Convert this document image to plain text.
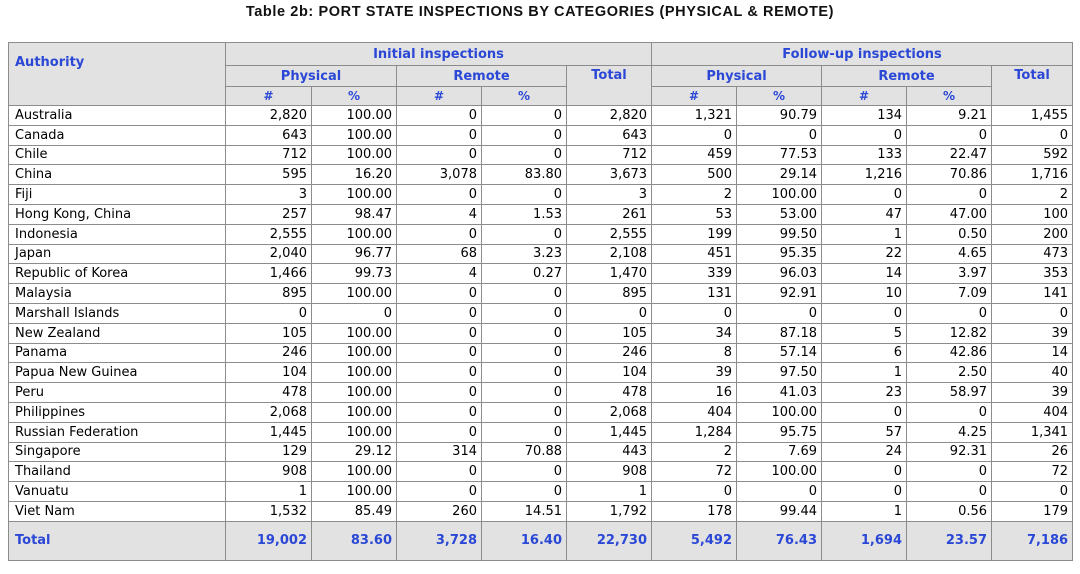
Table 2b: PORT STATE INSPECTIONS BY CATEGORIES (PHYSICAL & REMOTE)
Authority	Initial inspections					Follow-up inspections				
	Physical		Remote		Total	Physical		Remote		Total
	#	%	#	%		#	%	#	%	
Australia	2,820	100.00	0	0	2,820	1,321	90.79	134	9.21	1,455
Canada	643	100.00	0	0	643	0	0	0	0	0
Chile	712	100.00	0	0	712	459	77.53	133	22.47	592
China	595	16.20	3,078	83.80	3,673	500	29.14	1,216	70.86	1,716
Fiji	3	100.00	0	0	3	2	100.00	0	0	2
Hong Kong, China	257	98.47	4	1.53	261	53	53.00	47	47.00	100
Indonesia	2,555	100.00	0	0	2,555	199	99.50	1	0.50	200
Japan	2,040	96.77	68	3.23	2,108	451	95.35	22	4.65	473
Republic of Korea	1,466	99.73	4	0.27	1,470	339	96.03	14	3.97	353
Malaysia	895	100.00	0	0	895	131	92.91	10	7.09	141
Marshall Islands	0	0	0	0	0	0	0	0	0	0
New Zealand	105	100.00	0	0	105	34	87.18	5	12.82	39
Panama	246	100.00	0	0	246	8	57.14	6	42.86	14
Papua New Guinea	104	100.00	0	0	104	39	97.50	1	2.50	40
Peru	478	100.00	0	0	478	16	41.03	23	58.97	39
Philippines	2,068	100.00	0	0	2,068	404	100.00	0	0	404
Russian Federation	1,445	100.00	0	0	1,445	1,284	95.75	57	4.25	1,341
Singapore	129	29.12	314	70.88	443	2	7.69	24	92.31	26
Thailand	908	100.00	0	0	908	72	100.00	0	0	72
Vanuatu	1	100.00	0	0	1	0	0	0	0	0
Viet Nam	1,532	85.49	260	14.51	1,792	178	99.44	1	0.56	179
Total	19,002	83.60	3,728	16.40	22,730	5,492	76.43	1,694	23.57	7,186
